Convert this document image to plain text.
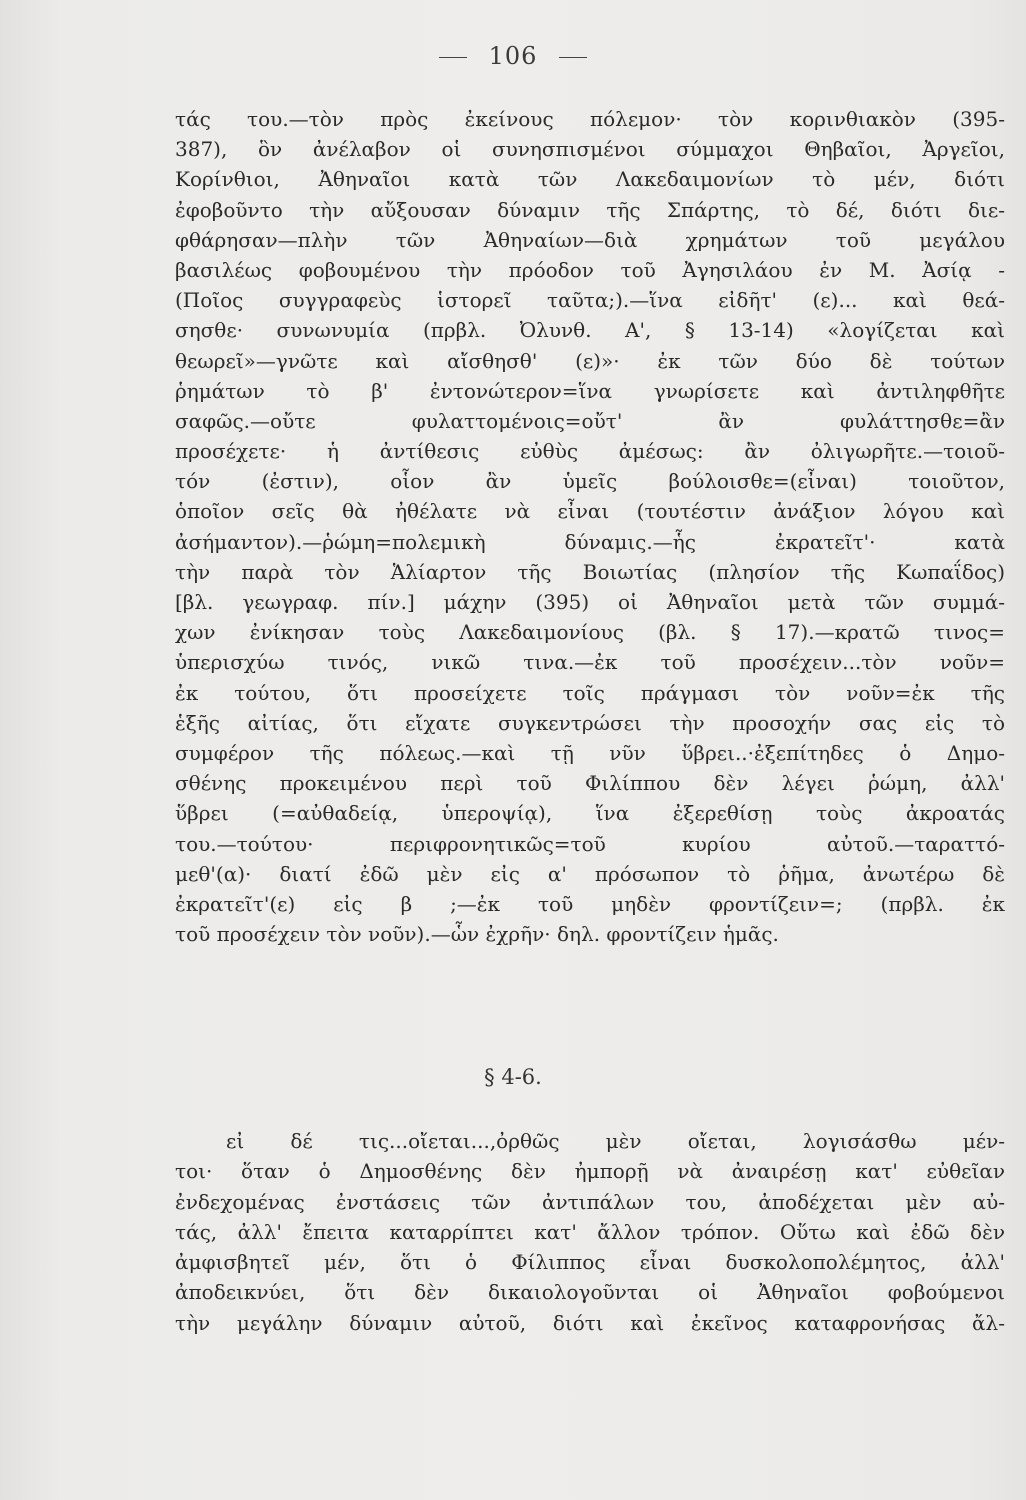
106
τάς του.—τὸν πρὸς ἐκείνους πόλεμον· τὸν κορινθιακὸν (395-
387), ὃν ἀνέλαβον οἱ συνησπισμένοι σύμμαχοι Θηβαῖοι, Ἀργεῖοι,
Κορίνθιοι, Ἀθηναῖοι κατὰ τῶν Λακεδαιμονίων τὸ μέν, διότι
ἐφοβοῦντο τὴν αὔξουσαν δύναμιν τῆς Σπάρτης, τὸ δέ, διότι διε-
φθάρησαν—πλὴν τῶν Ἀθηναίων—διὰ χρημάτων τοῦ μεγάλου
βασιλέως φοβουμένου τὴν πρόοδον τοῦ Ἀγησιλάου ἐν Μ. Ἀσίᾳ -
(Ποῖος συγγραφεὺς ἱστορεῖ ταῦτα;).—ἵνα εἰδῆτ' (ε)... καὶ θεά-
σησθε· συνωνυμία (πρβλ. Ὀλυνθ. Α', § 13-14) «λογίζεται καὶ
θεωρεῖ»—γνῶτε καὶ αἴσθησθ' (ε)»· ἐκ τῶν δύο δὲ τούτων
ῥημάτων τὸ β' ἐντονώτερον=ἵνα γνωρίσετε καὶ ἀντιληφθῆτε
σαφῶς.—οὔτε φυλαττομένοις=οὔτ' ἂν φυλάττησθε=ἂν
προσέχετε· ἡ ἀντίθεσις εὐθὺς ἀμέσως: ἂν ὀλιγωρῆτε.—τοιοῦ-
τόν (ἐστιν), οἷον ἂν ὑμεῖς βούλοισθε=(εἶναι) τοιοῦτον,
ὁποῖον σεῖς θὰ ἠθέλατε νὰ εἶναι (τουτέστιν ἀνάξιον λόγου καὶ
ἀσήμαντον).—ῥώμη=πολεμικὴ δύναμις.—ἧς ἐκρατεῖτ'· κατὰ
τὴν παρὰ τὸν Ἁλίαρτον τῆς Βοιωτίας (πλησίον τῆς Κωπαΐδος)
[βλ. γεωγραφ. πίν.] μάχην (395) οἱ Ἀθηναῖοι μετὰ τῶν συμμά-
χων ἐνίκησαν τοὺς Λακεδαιμονίους (βλ. § 17).—κρατῶ τινος=
ὑπερισχύω τινός, νικῶ τινα.—ἐκ τοῦ προσέχειν...τὸν νοῦν=
ἐκ τούτου, ὅτι προσείχετε τοῖς πράγμασι τὸν νοῦν=ἐκ τῆς
ἑξῆς αἰτίας, ὅτι εἴχατε συγκεντρώσει τὴν προσοχήν σας εἰς τὸ
συμφέρον τῆς πόλεως.—καὶ τῇ νῦν ὕβρει..·ἐξεπίτηδες ὁ Δημο-
σθένης προκειμένου περὶ τοῦ Φιλίππου δὲν λέγει ῥώμη, ἀλλ'
ὕβρει (=αὐθαδείᾳ, ὑπεροψίᾳ), ἵνα ἐξερεθίσῃ τοὺς ἀκροατάς
του.—τούτου· περιφρονητικῶς=τοῦ κυρίου αὐτοῦ.—ταραττό-
μεθ'(α)· διατί ἐδῶ μὲν εἰς α' πρόσωπον τὸ ῥῆμα, ἀνωτέρω δὲ
ἐκρατεῖτ'(ε) εἰς β ;—ἐκ τοῦ μηδὲν φροντίζειν=; (πρβλ. ἐκ
τοῦ προσέχειν τὸν νοῦν).—ὧν ἐχρῆν· δηλ. φροντίζειν ἡμᾶς.
§ 4-6.
εἰ δέ τις...οἴεται...,ὀρθῶς μὲν οἴεται, λογισάσθω μέν-
τοι· ὅταν ὁ Δημοσθένης δὲν ἠμπορῇ νὰ ἀναιρέσῃ κατ' εὐθεῖαν
ἐνδεχομένας ἐνστάσεις τῶν ἀντιπάλων του, ἀποδέχεται μὲν αὐ-
τάς, ἀλλ' ἔπειτα καταρρίπτει κατ' ἄλλον τρόπον. Οὕτω καὶ ἐδῶ δὲν
ἀμφισβητεῖ μέν, ὅτι ὁ Φίλιππος εἶναι δυσκολοπολέμητος, ἀλλ'
ἀποδεικνύει, ὅτι δὲν δικαιολογοῦνται οἱ Ἀθηναῖοι φοβούμενοι
τὴν μεγάλην δύναμιν αὐτοῦ, διότι καὶ ἐκεῖνος καταφρονήσας ἄλ-
